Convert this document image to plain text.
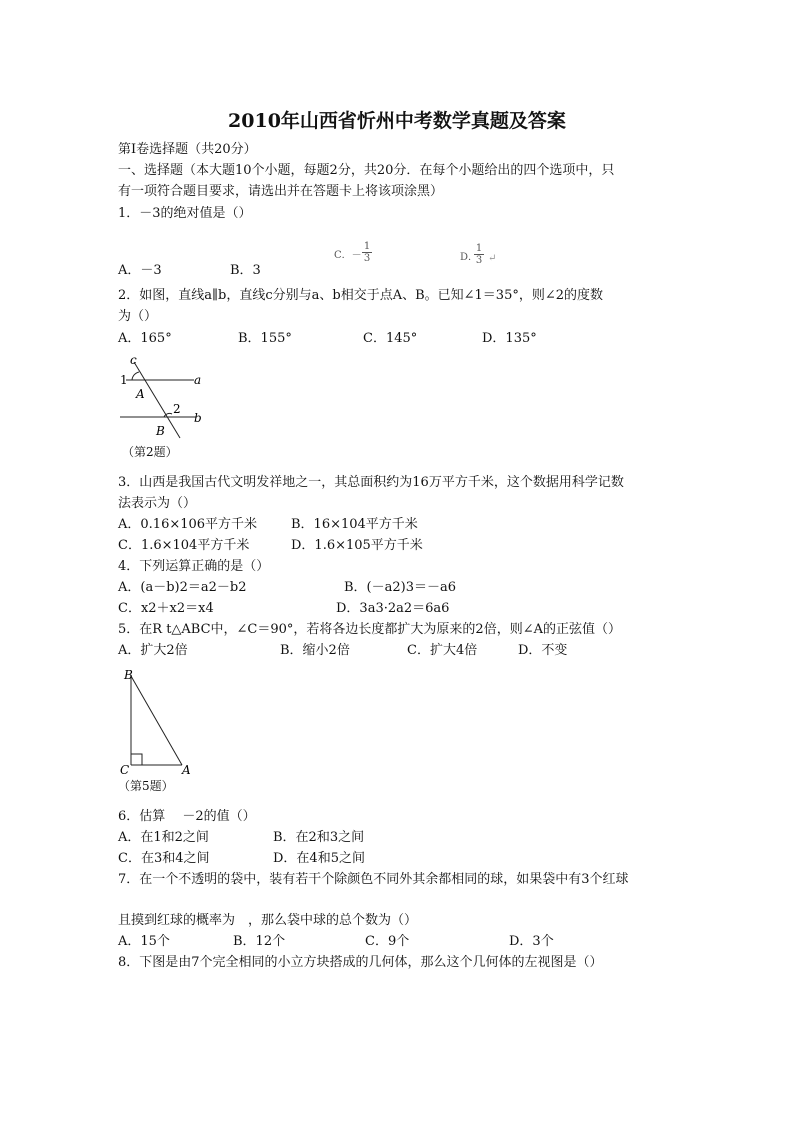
2010年山西省忻州中考数学真题及答案
第Ⅰ卷选择题（共20分）
一、选择题（本大题10个小题，每题2分，共20分．在每个小题给出的四个选项中，只
有一项符合题目要求，请选出并在答题卡上将该项涂黑）
1．－3的绝对值是（）
A．－3	B．3
C．－ $\frac{1}{3}$	D．
$\frac{1}{3}$ ↵
2．如图，直线a∥b，直线c分别与a、b相交于点A、B。已知∠1＝35°，则∠2的度数
为（）
A．165°	B．155°	C．145°	D．135°
c
1	a
A
2
b
B
（第2题）
3．山西是我国古代文明发祥地之一，其总面积约为16万平方千米，这个数据用科学记数
法表示为（）
A．0.16×106平方千米	B．16×104平方千米
C．1.6×104平方千米	D．1.6×105平方千米
4．下列运算正确的是（）
A．(a－b)2＝a2－b2	B．(－a2)3＝－a6
C．x2＋x2＝x4	D．3a3·2a2＝6a6
5．在R t△ABC中，∠C＝90°，若将各边长度都扩大为原来的2倍，则∠A的正弦值（）
A．扩大2倍	B．缩小2倍	C．扩大4倍	D．不变
B
C	A
（第5题）
6．估算　 －2的值（）
A．在1和2之间	B．在2和3之间
C．在3和4之间	D．在4和5之间
7．在一个不透明的袋中，装有若干个除颜色不同外其余都相同的球，如果袋中有3个红球
且摸到红球的概率为　，那么袋中球的总个数为（）
A．15个	B．12个	C．9个	D．3个
8．下图是由7个完全相同的小立方块搭成的几何体，那么这个几何体的左视图是（）
